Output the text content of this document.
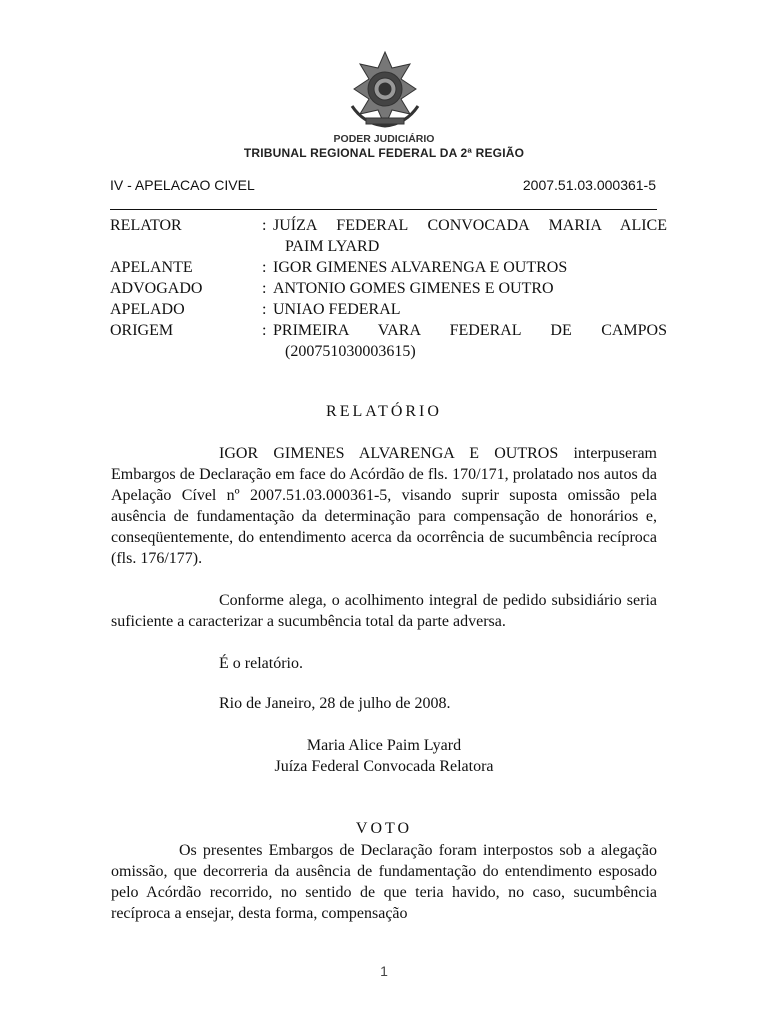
PODER JUDICIÁRIO
TRIBUNAL REGIONAL FEDERAL DA 2ª REGIÃO
IV - APELACAO CIVEL	2007.51.03.000361-5
RELATOR	: JUÍZA FEDERAL CONVOCADA MARIA ALICE
PAIM LYARD
APELANTE	: IGOR GIMENES ALVARENGA E OUTROS
ADVOGADO	: ANTONIO GOMES GIMENES E OUTRO
APELADO	: UNIAO FEDERAL
ORIGEM	: PRIMEIRA VARA FEDERAL DE CAMPOS
(200751030003615)
RELATÓRIO
IGOR GIMENES ALVARENGA E OUTROS interpuseram Embargos de Declaração em face do Acórdão de fls. 170/171, prolatado nos autos da Apelação Cível nº 2007.51.03.000361-5, visando suprir suposta omissão pela ausência de fundamentação da determinação para compensação de honorários e, conseqüentemente, do entendimento acerca da ocorrência de sucumbência recíproca (fls. 176/177).
Conforme alega, o acolhimento integral de pedido subsidiário seria suficiente a caracterizar a sucumbência total da parte adversa.
É o relatório.
Rio de Janeiro, 28 de julho de 2008.
Maria Alice Paim Lyard
Juíza Federal Convocada Relatora
VOTO
Os presentes Embargos de Declaração foram interpostos sob a alegação omissão, que decorreria da ausência de fundamentação do entendimento esposado pelo Acórdão recorrido, no sentido de que teria havido, no caso, sucumbência recíproca a ensejar, desta forma, compensação
1
